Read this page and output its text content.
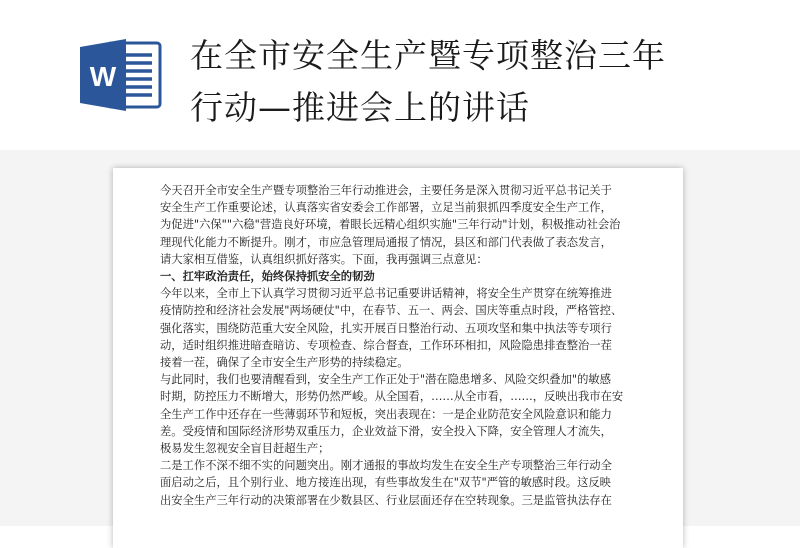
W
在全市安全生产暨专项整治三年
行动—推进会上的讲话
今天召开全市安全生产暨专项整治三年行动推进会，主要任务是深入贯彻习近平总书记关于
安全生产工作重要论述，认真落实省安委会工作部署，立足当前狠抓四季度安全生产工作，
为促进"六保""六稳"营造良好环境，着眼长远精心组织实施"三年行动"计划，积极推动社会治
理现代化能力不断提升。刚才，市应急管理局通报了情况，县区和部门代表做了表态发言，
请大家相互借鉴，认真组织抓好落实。下面，我再强调三点意见：
一、扛牢政治责任，始终保持抓安全的韧劲
今年以来，全市上下认真学习贯彻习近平总书记重要讲话精神，将安全生产贯穿在统筹推进
疫情防控和经济社会发展"两场硬仗"中，在春节、五一、两会、国庆等重点时段，严格管控、
强化落实，围绕防范重大安全风险，扎实开展百日整治行动、五项攻坚和集中执法等专项行
动，适时组织推进暗查暗访、专项检查、综合督查，工作环环相扣，风险隐患排查整治一茬
接着一茬，确保了全市安全生产形势的持续稳定。
与此同时，我们也要清醒看到，安全生产工作正处于"潜在隐患增多、风险交织叠加"的敏感
时期，防控压力不断增大，形势仍然严峻。从全国看，……从全市看，……，反映出我市在安
全生产工作中还存在一些薄弱环节和短板，突出表现在：一是企业防范安全风险意识和能力
差。受疫情和国际经济形势双重压力，企业效益下滑，安全投入下降，安全管理人才流失，
极易发生忽视安全盲目赶超生产；
二是工作不深不细不实的问题突出。刚才通报的事故均发生在安全生产专项整治三年行动全
面启动之后，且个别行业、地方接连出现，有些事故发生在"双节"严管的敏感时段。这反映
出安全生产三年行动的决策部署在少数县区、行业层面还存在空转现象。三是监管执法存在
